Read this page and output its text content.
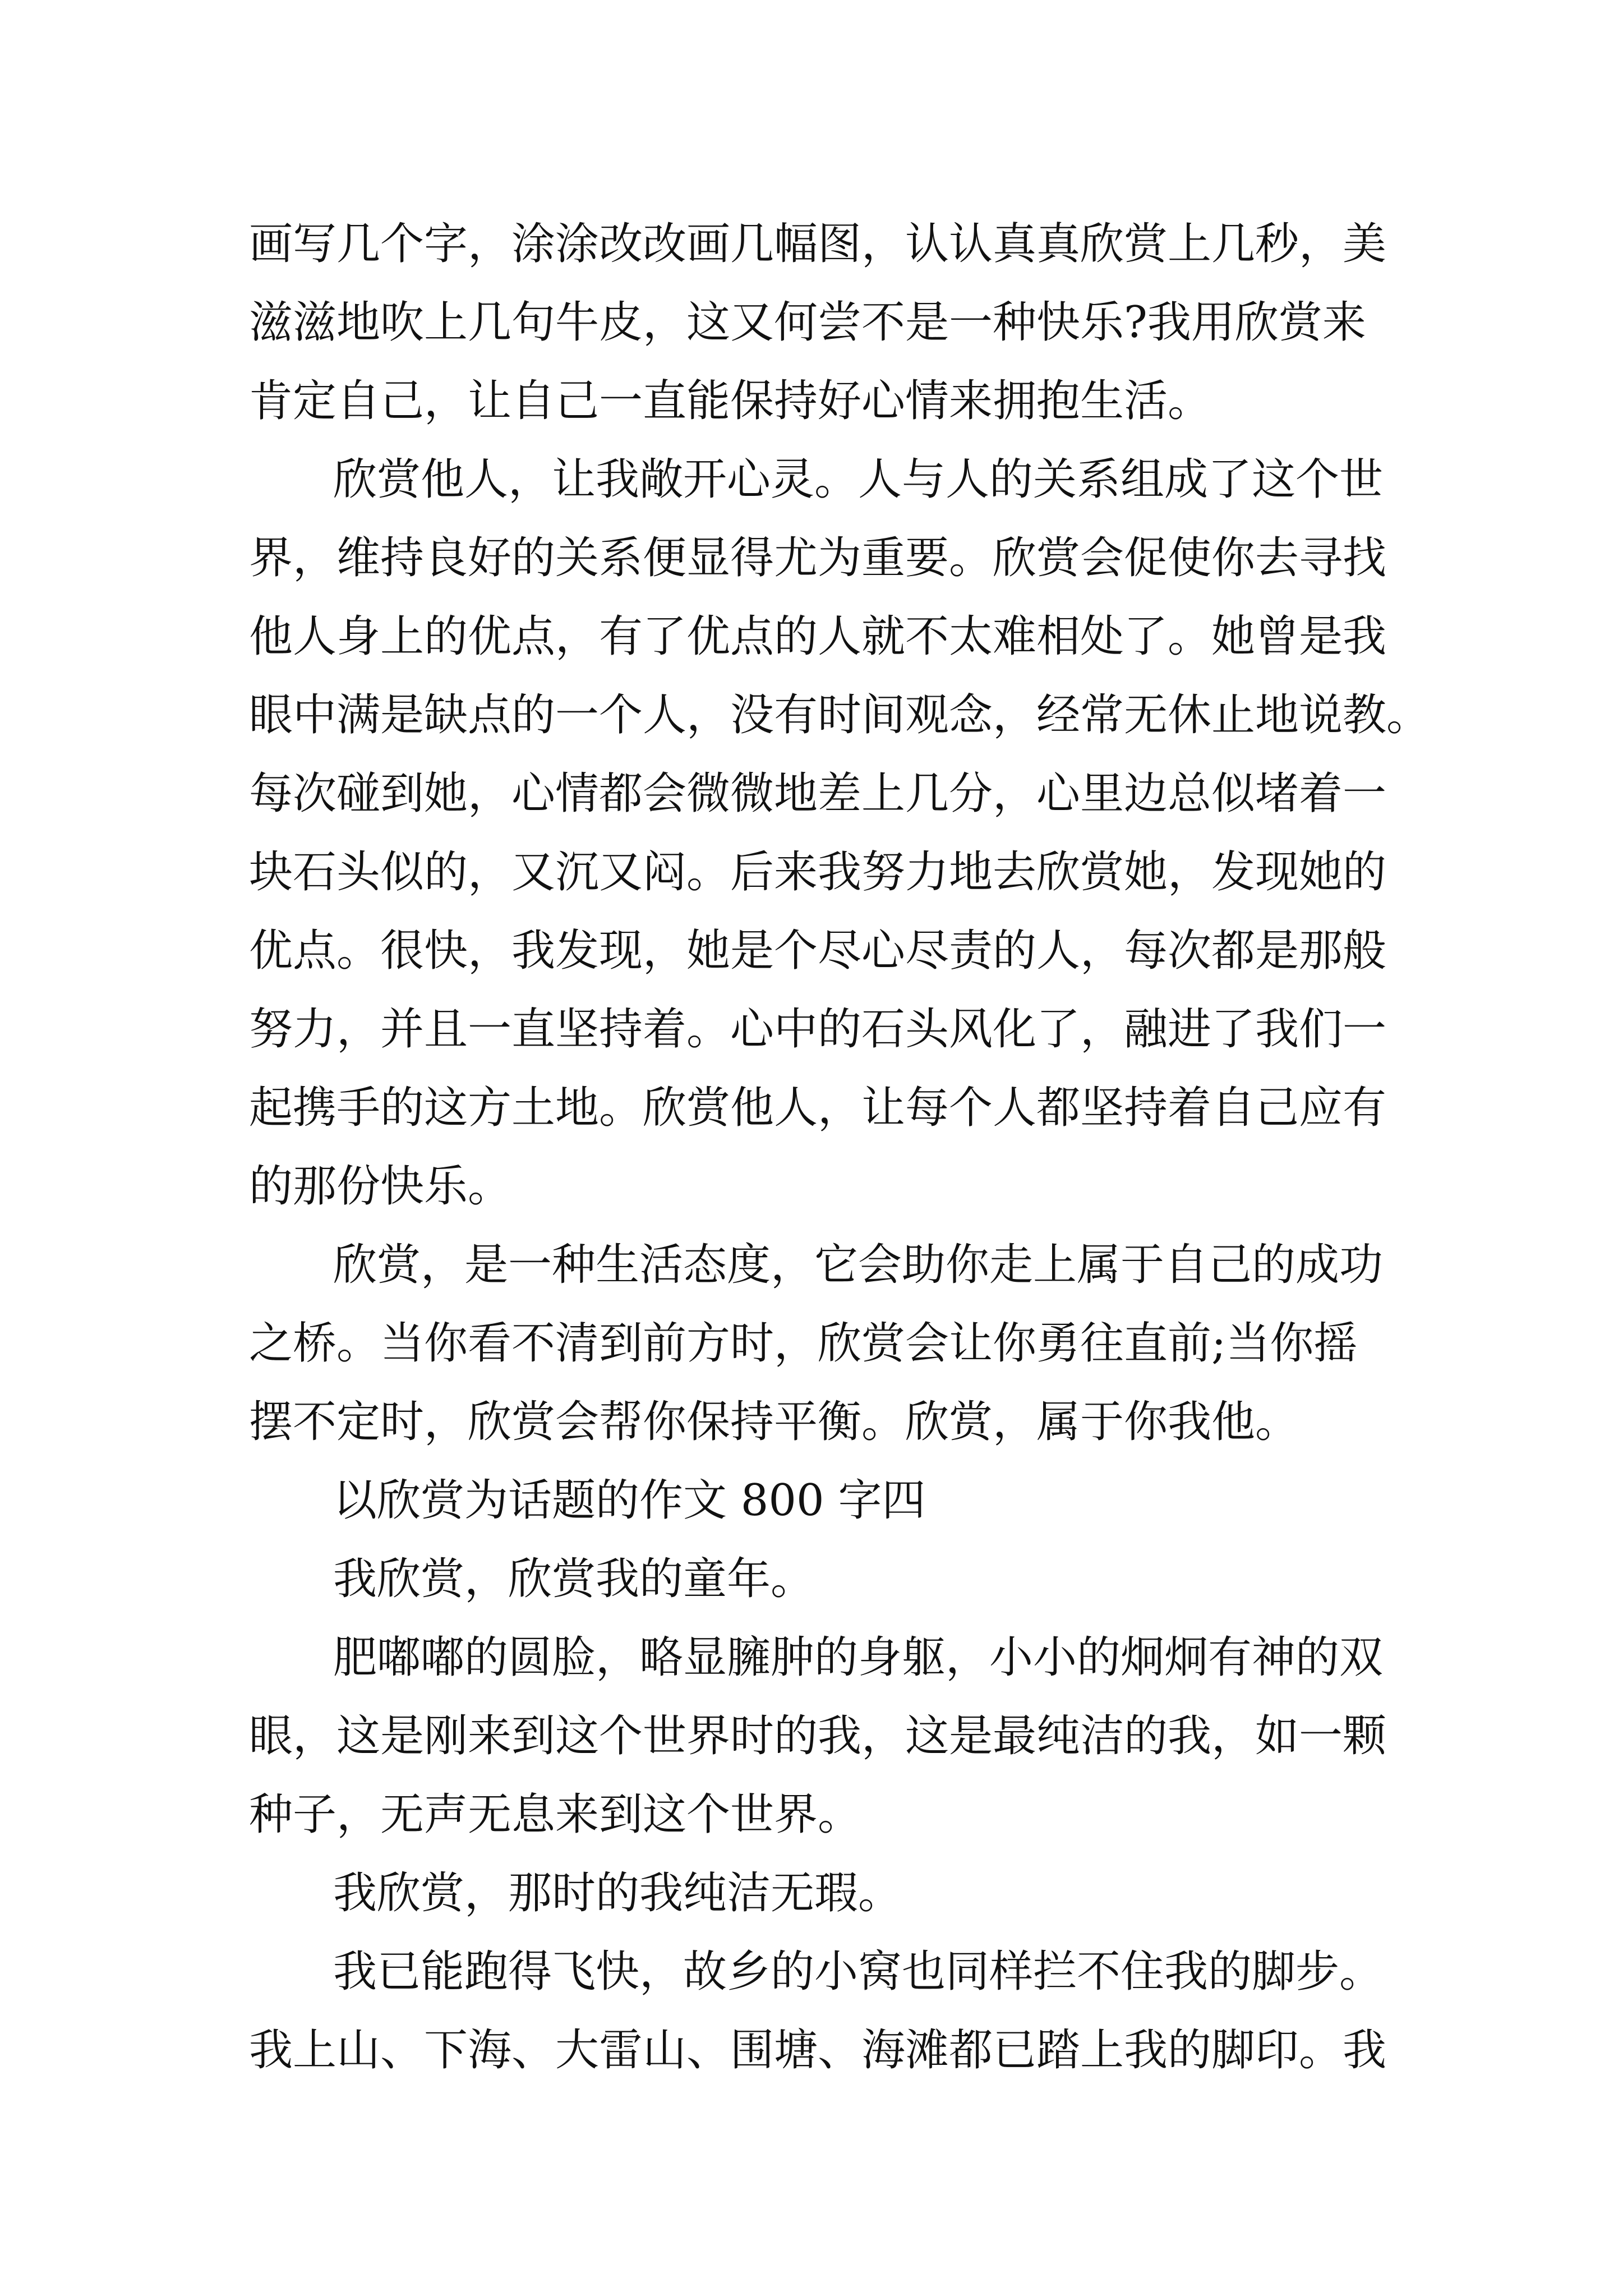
画写几个字，涂涂改改画几幅图，认认真真欣赏上几秒，美
滋滋地吹上几句牛皮，这又何尝不是一种快乐?我用欣赏来
肯定自己，让自己一直能保持好心情来拥抱生活。
欣赏他人，让我敞开心灵。人与人的关系组成了这个世
界，维持良好的关系便显得尤为重要。欣赏会促使你去寻找
他人身上的优点，有了优点的人就不太难相处了。她曾是我
眼中满是缺点的一个人，没有时间观念，经常无休止地说教。
每次碰到她，心情都会微微地差上几分，心里边总似堵着一
块石头似的，又沉又闷。后来我努力地去欣赏她，发现她的
优点。很快，我发现，她是个尽心尽责的人，每次都是那般
努力，并且一直坚持着。心中的石头风化了，融进了我们一
起携手的这方土地。欣赏他人，让每个人都坚持着自己应有
的那份快乐。
欣赏，是一种生活态度，它会助你走上属于自己的成功
之桥。当你看不清到前方时，欣赏会让你勇往直前;当你摇
摆不定时，欣赏会帮你保持平衡。欣赏，属于你我他。
以欣赏为话题的作文 800 字四
我欣赏，欣赏我的童年。
肥嘟嘟的圆脸，略显臃肿的身躯，小小的炯炯有神的双
眼，这是刚来到这个世界时的我，这是最纯洁的我，如一颗
种子，无声无息来到这个世界。
我欣赏，那时的我纯洁无瑕。
我已能跑得飞快，故乡的小窝也同样拦不住我的脚步。
我上山、下海、大雷山、围塘、海滩都已踏上我的脚印。我
